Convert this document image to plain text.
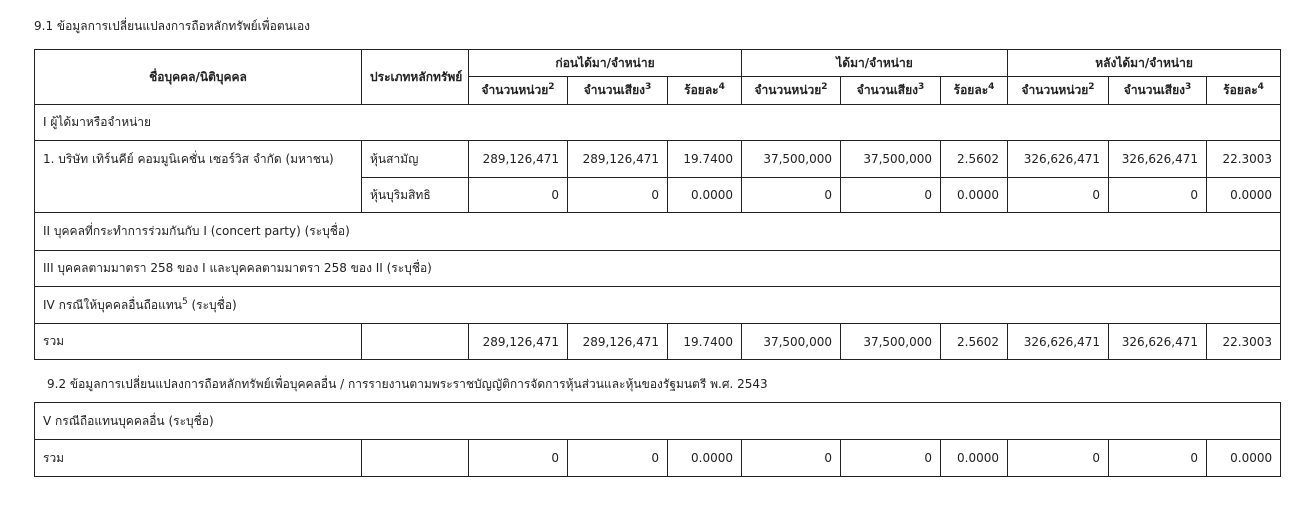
9.1 ข้อมูลการเปลี่ยนแปลงการถือหลักทรัพย์เพื่อตนเอง
ชื่อบุคคล/นิติบุคคล	ประเภทหลักทรัพย์	ก่อนได้มา/จำหน่าย			ได้มา/จำหน่าย			หลังได้มา/จำหน่าย		
		จำนวนหน่วย$^2$	จำนวนเสียง$^3$	ร้อยละ$^4$	จำนวนหน่วย$^2$	จำนวนเสียง$^3$	ร้อยละ$^4$	จำนวนหน่วย$^2$	จำนวนเสียง$^3$	ร้อยละ$^4$
I ผู้ได้มาหรือจำหน่าย										
1. บริษัท เทิร์นคีย์ คอมมูนิเคชั่น เซอร์วิส จำกัด (มหาชน)	หุ้นสามัญ	289,126,471	289,126,471	19.7400	37,500,000	37,500,000	2.5602	326,626,471	326,626,471	22.3003
	หุ้นบุริมสิทธิ	0	0	0.0000	0	0	0.0000	0	0	0.0000
II บุคคลที่กระทำการร่วมกันกับ I (concert party) (ระบุชื่อ)										
III บุคคลตามมาตรา 258 ของ I และบุคคลตามมาตรา 258 ของ II (ระบุชื่อ)										
IV กรณีให้บุคคลอื่นถือแทน$^5$ (ระบุชื่อ)										
รวม		289,126,471	289,126,471	19.7400	37,500,000	37,500,000	2.5602	326,626,471	326,626,471	22.3003
9.2 ข้อมูลการเปลี่ยนแปลงการถือหลักทรัพย์เพื่อบุคคลอื่น / การรายงานตามพระราชบัญญัติการจัดการหุ้นส่วนและหุ้นของรัฐมนตรี พ.ศ. 2543
V กรณีถือแทนบุคคลอื่น (ระบุชื่อ)
รวม		0	0	0.0000	0	0	0.0000	0	0	0.0000
